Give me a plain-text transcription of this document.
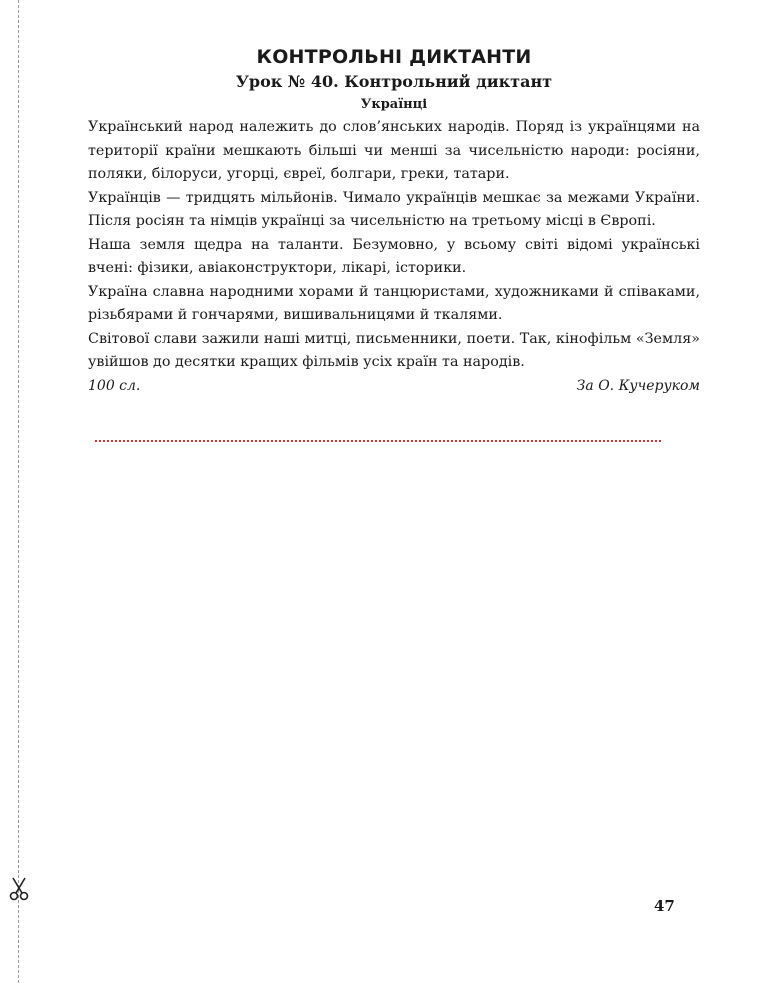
КОНТРОЛЬНІ ДИКТАНТИ
Урок № 40. Контрольний диктант
Українці

Український народ належить до слов’янських народів. Поряд із українцями на території країни мешкають більші чи менші за чисельністю народи: росіяни, поляки, білоруси, угорці, євреї, болгари, греки, татари.

Українців — тридцять мільйонів. Чимало українців мешкає за межами України. Після росіян та німців українці за чисельністю на третьому місці в Європі.

Наша земля щедра на таланти. Безумовно, у всьому світі відомі українські вчені: фізики, авіаконструктори, лікарі, історики.

Україна славна народними хорами й танцюристами, художниками й співаками, різьбярами й гончарями, вишивальницями й ткалями.

Світової слави зажили наші митці, письменники, поети. Так, кінофільм «Земля» увійшов до десятки кращих фільмів усіх країн та народів.

100 сл.	За О. Кучеруком
47
